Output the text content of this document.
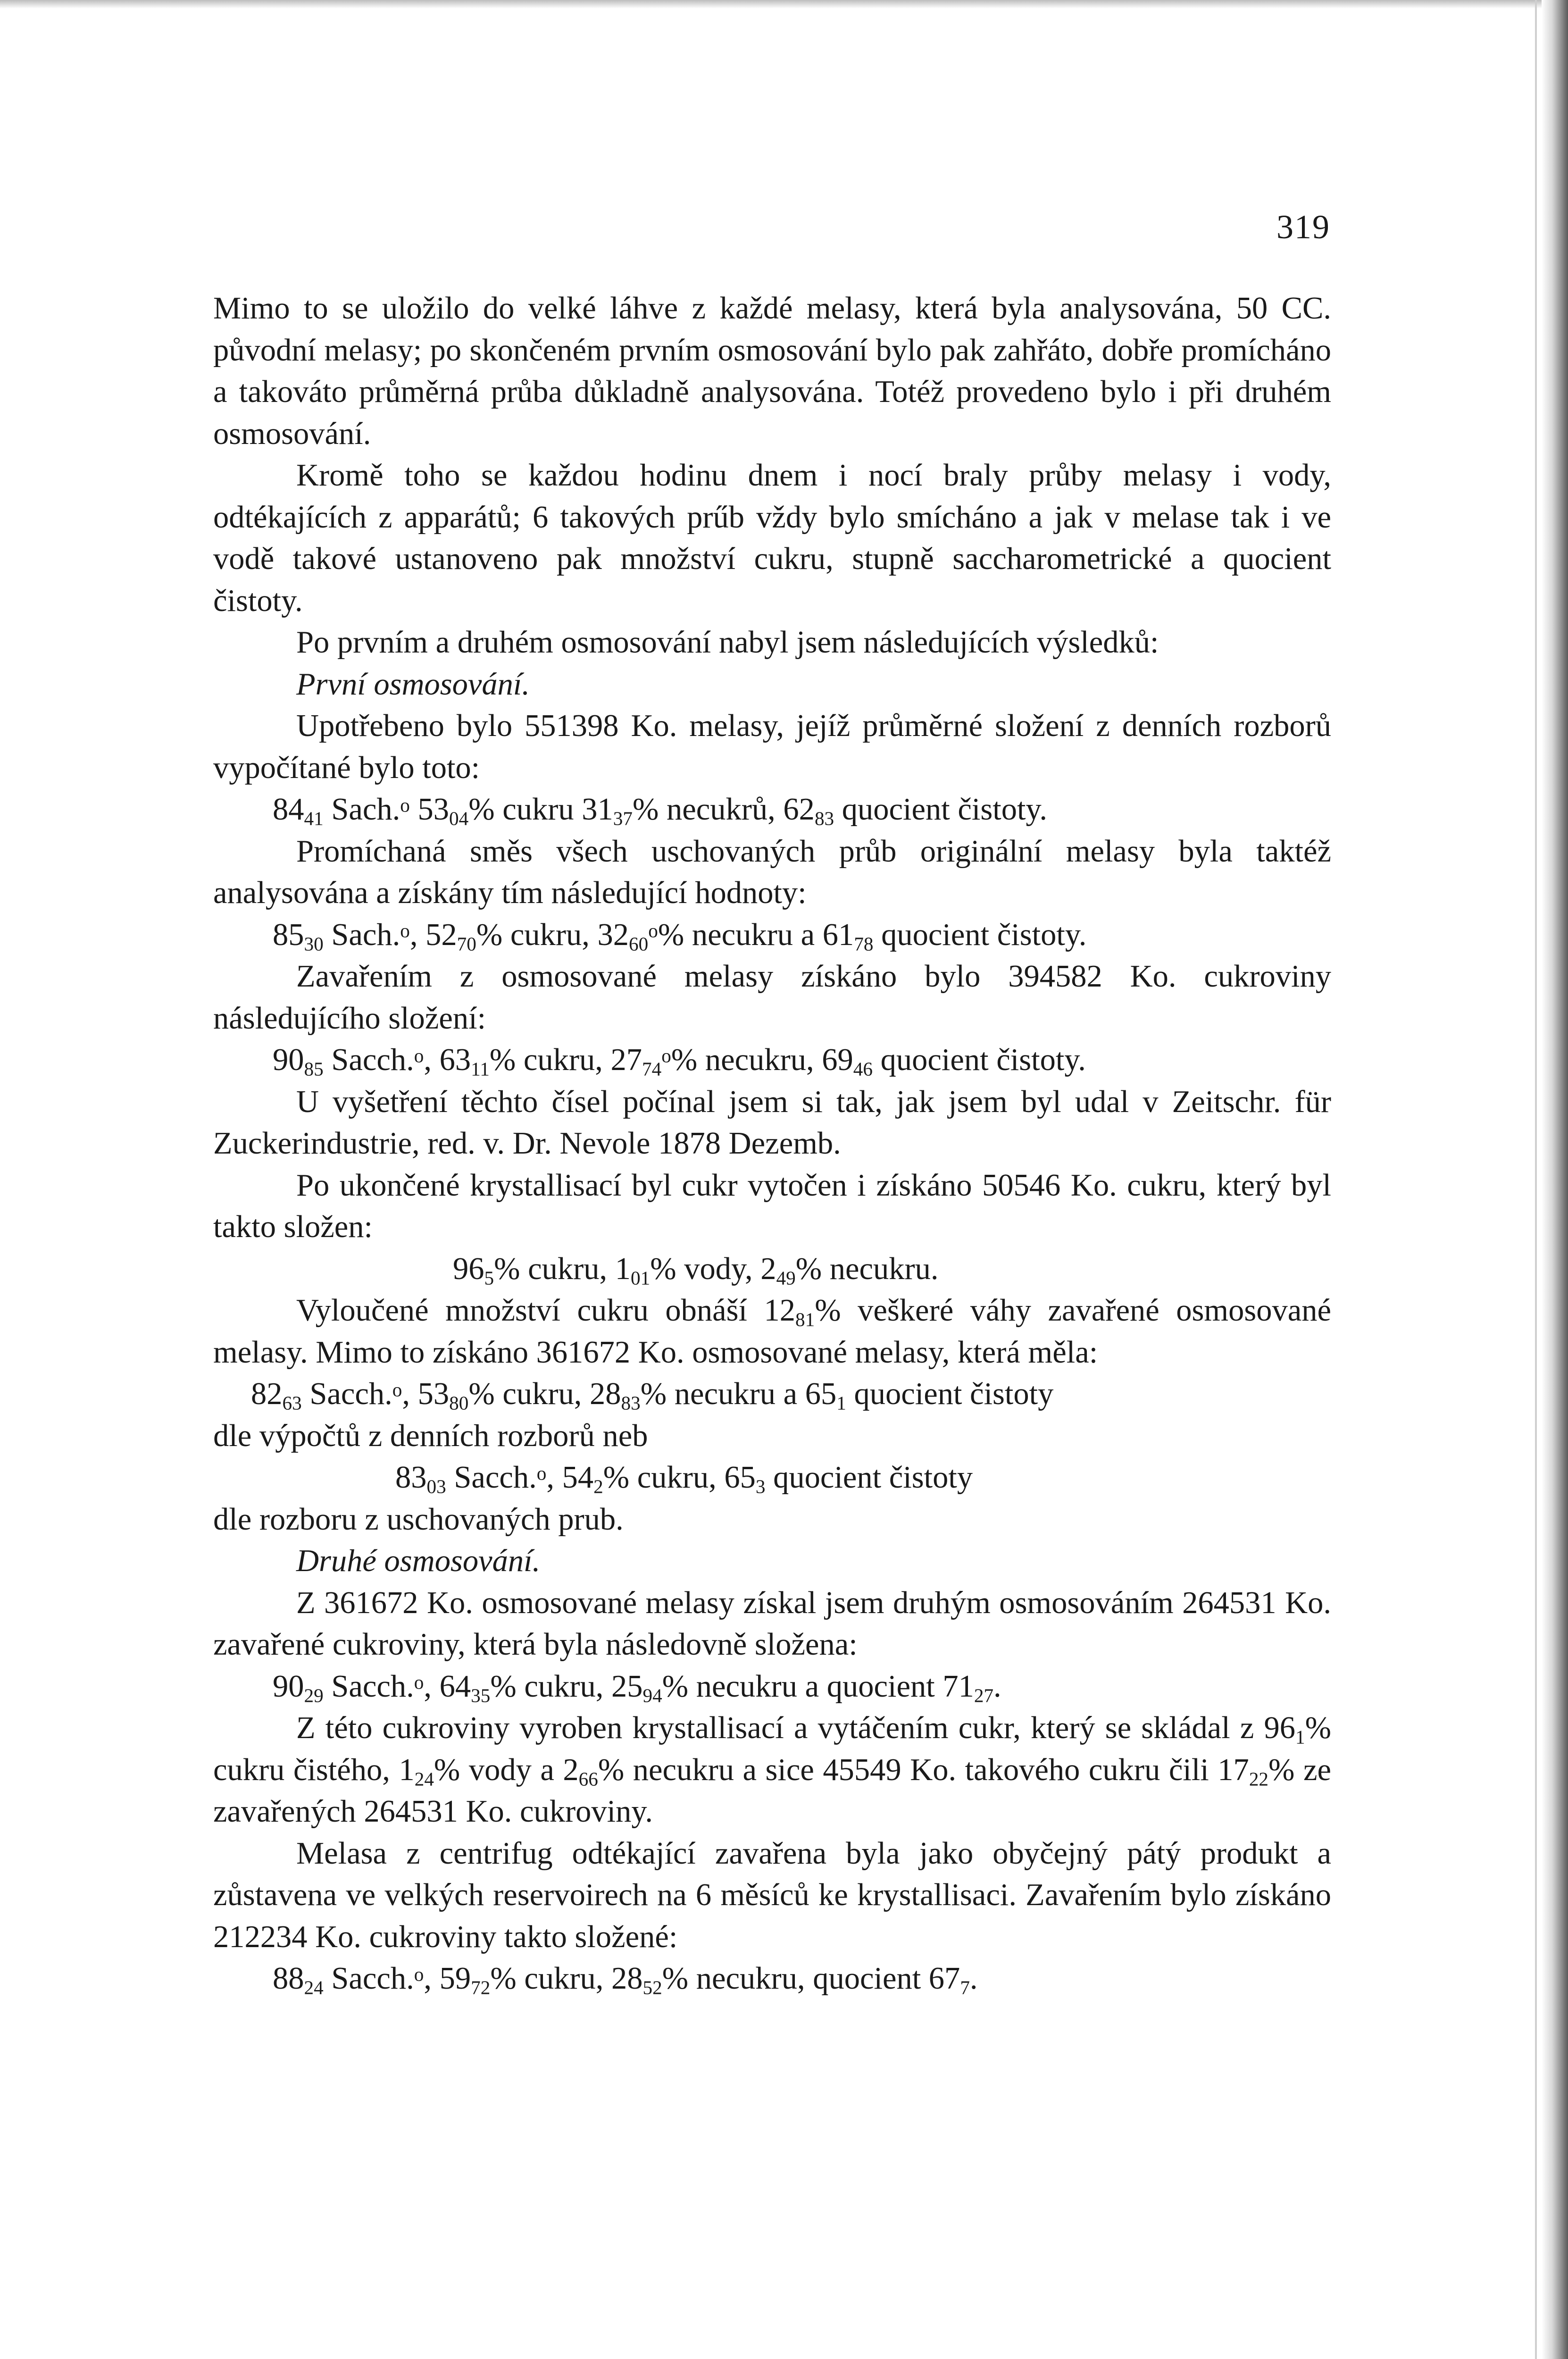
319

Mimo to se uložilo do velké láhve z každé melasy, která byla analysována, 50 CC. původní melasy; po skončeném prvním osmosování bylo pak zahřáto, dobře promícháno a takováto průměrná průba důkladně analysována. Totéž provedeno bylo i při druhém osmosování.

Kromě toho se každou hodinu dnem i nocí braly průby melasy i vody, odtékajících z apparátů; 6 takových prűb vždy bylo smícháno a jak v melase tak i ve vodě takové ustanoveno pak množství cukru, stupně saccharometrické a quocient čistoty.

Po prvním a druhém osmosování nabyl jsem následujících výsledků:

První osmosování.

Upotřebeno bylo 551398 Ko. melasy, jejíž průměrné složení z denních rozborů vypočítané bylo toto:

$84_{41}$ Sach.$^o$ $53_{04}\%$ cukru $31_{37}\%$ necukrů, $62_{83}$ quocient čistoty.

Promíchaná směs všech uschovaných průb originální melasy byla taktéž analysována a získány tím následující hodnoty:

$85_{30}$ Sach.$^o$, $52_{70}\%$ cukru, $32_{60}^o\%$ necukru a $61_{78}$ quocient čistoty.

Zavařením z osmosované melasy získáno bylo 394582 Ko. cukroviny následujícího složení:

$90_{85}$ Sacch.$^o$, $63_{11}\%$ cukru, $27_{74}^o\%$ necukru, $69_{46}$ quocient čistoty.

U vyšetření těchto čísel počínal jsem si tak, jak jsem byl udal v Zeitschr. für Zuckerindustrie, red. v. Dr. Nevole 1878 Dezemb.

Po ukončené krystallisací byl cukr vytočen i získáno 50546 Ko. cukru, který byl takto složen:

$96_5\%$ cukru, $1_{01}\%$ vody, $2_{49}\%$ necukru.

Vyloučené množství cukru obnáší $12_{81}\%$ veškeré váhy zavařené osmosované melasy. Mimo to získáno 361672 Ko. osmosované melasy, která měla:

$82_{63}$ Sacch.$^o$, $53_{80}\%$ cukru, $28_{83}\%$ necukru a $65_1$ quocient čistoty

dle výpočtů z denních rozborů neb

$83_{03}$ Sacch.$^o$, $54_2\%$ cukru, $65_3$ quocient čistoty

dle rozboru z uschovaných prub.

Druhé osmosování.

Z 361672 Ko. osmosované melasy získal jsem druhým osmosováním 264531 Ko. zavařené cukroviny, která byla následovně složena:

$90_{29}$ Sacch.$^o$, $64_{35}\%$ cukru, $25_{94}\%$ necukru a quocient $71_{27}$.

Z této cukroviny vyroben krystallisací a vytáčením cukr, který se skládal z $96_1\%$ cukru čistého, $1_{24}\%$ vody a $2_{66}\%$ necukru a sice 45549 Ko. takového cukru čili $17_{22}\%$ ze zavařených 264531 Ko. cukroviny.

Melasa z centrifug odtékající zavařena byla jako obyčejný pátý produkt a zůstavena ve velkých reservoirech na 6 měsíců ke krystallisaci. Zavařením bylo získáno 212234 Ko. cukroviny takto složené:

$88_{24}$ Sacch.$^o$, $59_{72}\%$ cukru, $28_{52}\%$ necukru, quocient $67_7$.
